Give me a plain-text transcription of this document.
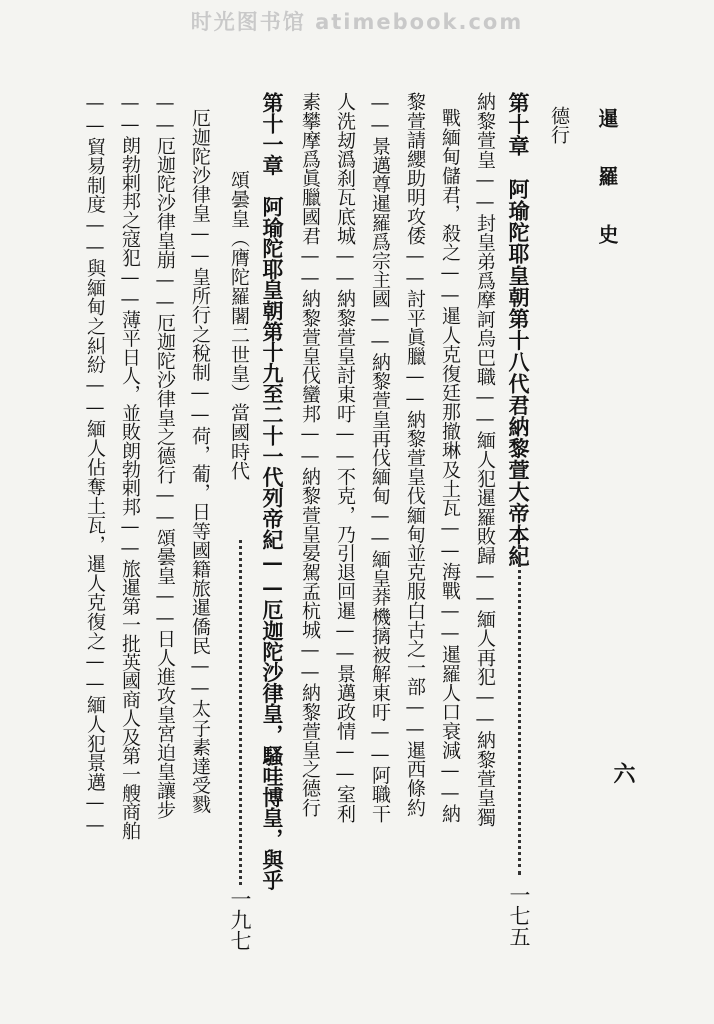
时光图书馆 atimebook.com
暹羅史
六
德行
第十章　阿瑜陀耶皇朝第十八代君納黎萱大帝本紀
一七五
納黎萱皇——封皇弟爲摩訶烏巴職——緬人犯暹羅敗歸——緬人再犯——納黎萱皇獨
戰緬甸儲君，殺之——暹人克復廷那撤琳及土瓦——海戰——暹羅人口衰減——納
黎萱請纓助明攻倭——討平眞臘——納黎萱皇伐緬甸並克服白古之一部——暹西條約
——景邁尊暹羅爲宗主國——納黎萱皇再伐緬甸——緬皇莽機摛被解東吁——阿職干
人洗刼潙刹瓦底城——納黎萱皇討東吁——不克，乃引退回暹——景邁政情——室利
素攀摩爲眞臘國君——納黎萱皇伐蠻邦——納黎萱皇晏駕孟杭城——納黎萱皇之德行
第十一章　阿瑜陀耶皇朝第十九至二十一代列帝紀——厄迦陀沙律皇，騷哇博皇，與乎
頌曇皇（膺陀羅闍二世皇）當國時代
一九七
厄迦陀沙律皇——皇所行之稅制——荷，葡，日等國籍旅暹僑民——太子素達受戮
——厄迦陀沙律皇崩——厄迦陀沙律皇之德行——頌曇皇——日人進攻皇宮迫皇讓步
——朗勃剌邦之寇犯——薄平日人，並敗朗勃剌邦——旅暹第一批英國商人及第一艘商舶
——貿易制度——與緬甸之糾紛——緬人佔奪土瓦，暹人克復之——緬人犯景邁——
